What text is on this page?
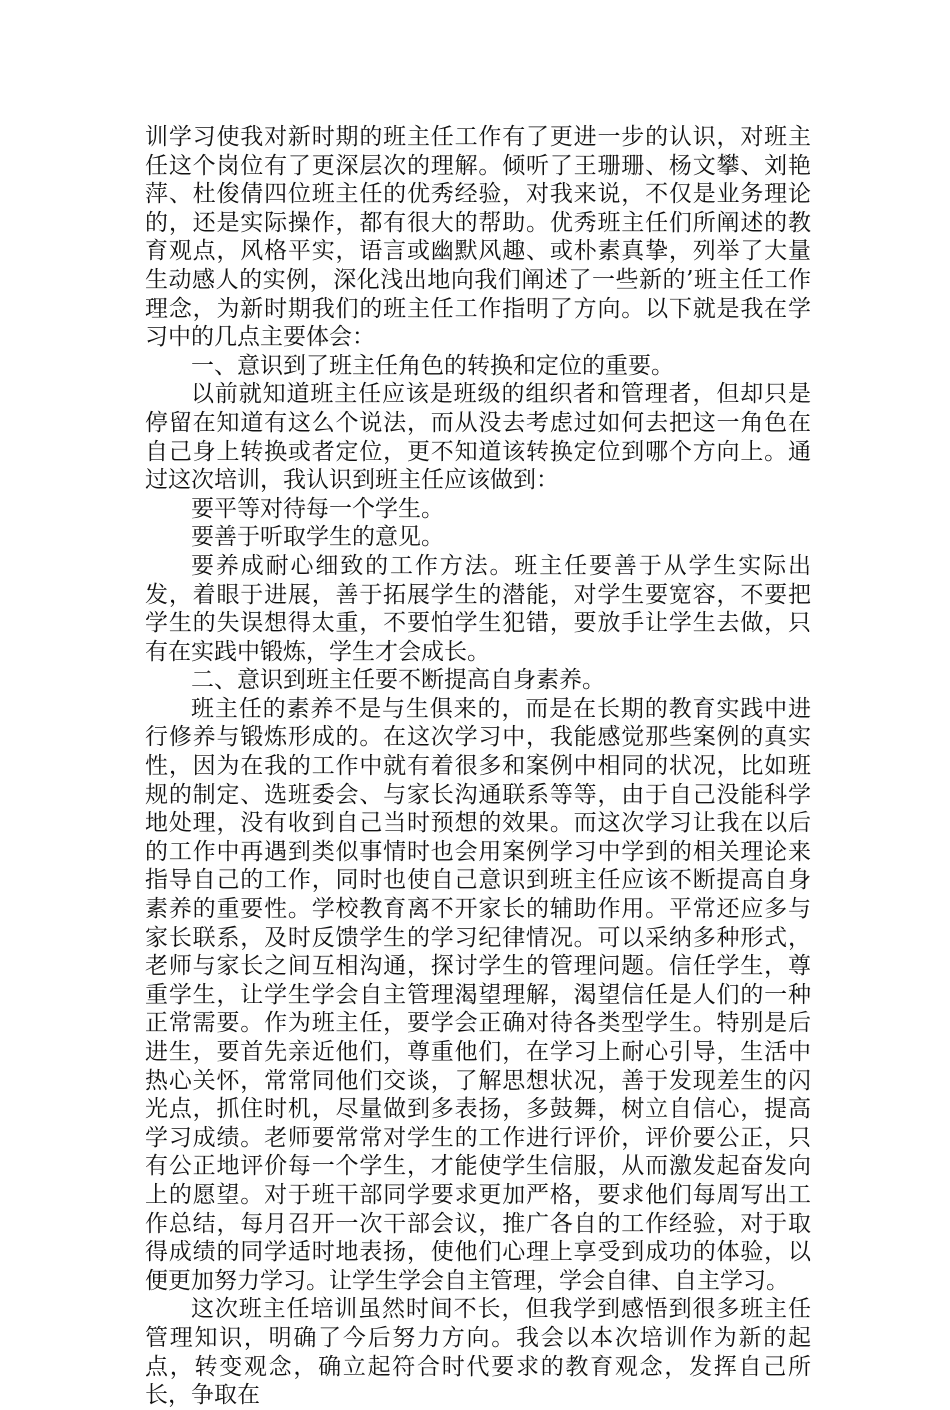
训学习使我对新时期的班主任工作有了更进一步的认识，对班主任这个岗位有了更深层次的理解。倾听了王珊珊、杨文攀、刘艳萍、杜俊倩四位班主任的优秀经验，对我来说，不仅是业务理论的，还是实际操作，都有很大的帮助。优秀班主任们所阐述的教育观点，风格平实，语言或幽默风趣、或朴素真挚，列举了大量生动感人的实例，深化浅出地向我们阐述了一些新的’班主任工作理念，为新时期我们的班主任工作指明了方向。以下就是我在学习中的几点主要体会：

一、意识到了班主任角色的转换和定位的重要。

以前就知道班主任应该是班级的组织者和管理者，但却只是停留在知道有这么个说法，而从没去考虑过如何去把这一角色在自己身上转换或者定位，更不知道该转换定位到哪个方向上。通过这次培训，我认识到班主任应该做到：

要平等对待每一个学生。

要善于听取学生的意见。

要养成耐心细致的工作方法。班主任要善于从学生实际出发，着眼于进展，善于拓展学生的潜能，对学生要宽容，不要把学生的失误想得太重，不要怕学生犯错，要放手让学生去做，只有在实践中锻炼，学生才会成长。

二、意识到班主任要不断提高自身素养。

班主任的素养不是与生俱来的，而是在长期的教育实践中进行修养与锻炼形成的。在这次学习中，我能感觉那些案例的真实性，因为在我的工作中就有着很多和案例中相同的状况，比如班规的制定、选班委会、与家长沟通联系等等，由于自己没能科学地处理，没有收到自己当时预想的效果。而这次学习让我在以后的工作中再遇到类似事情时也会用案例学习中学到的相关理论来指导自己的工作，同时也使自己意识到班主任应该不断提高自身素养的重要性。学校教育离不开家长的辅助作用。平常还应多与家长联系，及时反馈学生的学习纪律情况。可以采纳多种形式，老师与家长之间互相沟通，探讨学生的管理问题。信任学生，尊重学生，让学生学会自主管理渴望理解，渴望信任是人们的一种正常需要。作为班主任，要学会正确对待各类型学生。特别是后进生，要首先亲近他们，尊重他们，在学习上耐心引导，生活中热心关怀，常常同他们交谈，了解思想状况，善于发现差生的闪光点，抓住时机，尽量做到多表扬，多鼓舞，树立自信心，提高学习成绩。老师要常常对学生的工作进行评价，评价要公正，只有公正地评价每一个学生，才能使学生信服，从而激发起奋发向上的愿望。对于班干部同学要求更加严格，要求他们每周写出工作总结，每月召开一次干部会议，推广各自的工作经验，对于取得成绩的同学适时地表扬，使他们心理上享受到成功的体验，以便更加努力学习。让学生学会自主管理，学会自律、自主学习。

这次班主任培训虽然时间不长，但我学到感悟到很多班主任管理知识，明确了今后努力方向。我会以本次培训作为新的起点，转变观念，确立起符合时代要求的教育观念，发挥自己所长，争取在
